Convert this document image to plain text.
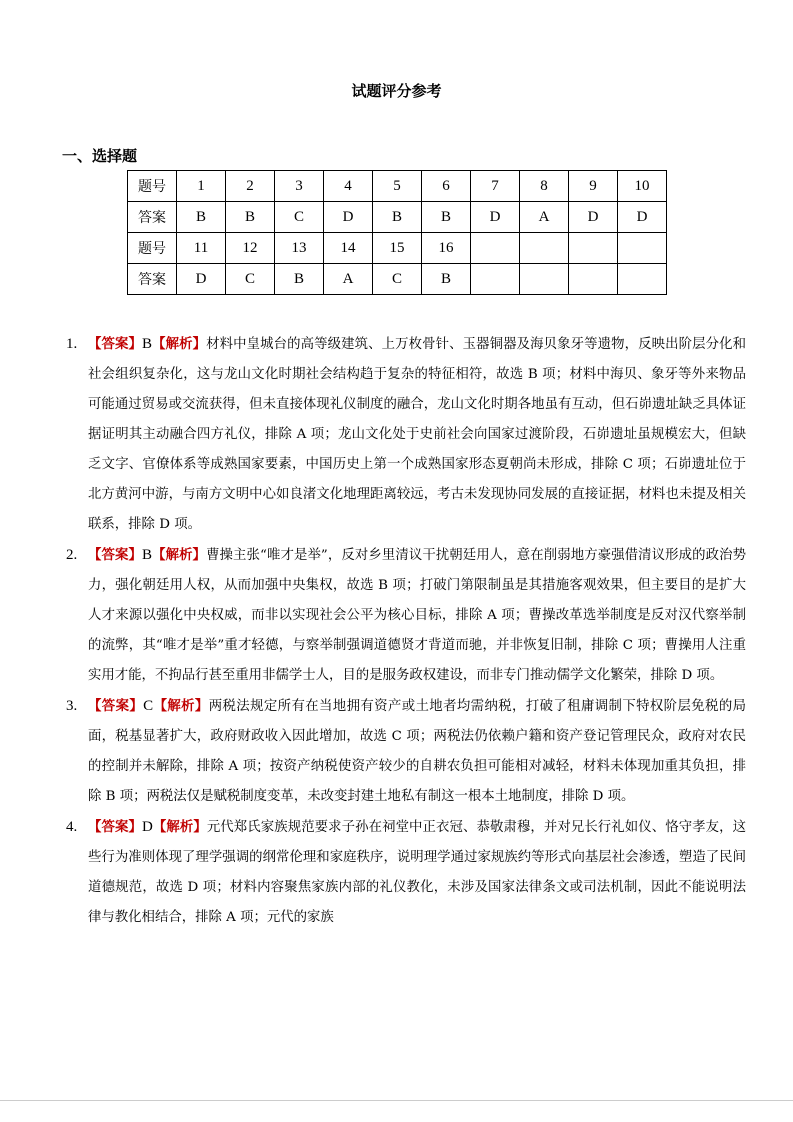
试题评分参考
一、选择题
题号	1	2	3	4	5	6	7	8	9	10
答案	B	B	C	D	B	B	D	A	D	D
题号	11	12	13	14	15	16				
答案	D	C	B	A	C	B				
1. 【答案】B【解析】材料中皇城台的高等级建筑、上万枚骨针、玉器铜器及海贝象牙等遗物，反映出阶层分化和社会组织复杂化，这与龙山文化时期社会结构趋于复杂的特征相符，故选 B 项；材料中海贝、象牙等外来物品可能通过贸易或交流获得，但未直接体现礼仪制度的融合，龙山文化时期各地虽有互动，但石峁遗址缺乏具体证据证明其主动融合四方礼仪，排除 A 项；龙山文化处于史前社会向国家过渡阶段，石峁遗址虽规模宏大，但缺乏文字、官僚体系等成熟国家要素，中国历史上第一个成熟国家形态夏朝尚未形成，排除 C 项；石峁遗址位于北方黄河中游，与南方文明中心如良渚文化地理距离较远，考古未发现协同发展的直接证据，材料也未提及相关联系，排除 D 项。
2. 【答案】B【解析】曹操主张“唯才是举”，反对乡里清议干扰朝廷用人，意在削弱地方豪强借清议形成的政治势力，强化朝廷用人权，从而加强中央集权，故选 B 项；打破门第限制虽是其措施客观效果，但主要目的是扩大人才来源以强化中央权威，而非以实现社会公平为核心目标，排除 A 项；曹操改革选举制度是反对汉代察举制的流弊，其“唯才是举”重才轻德，与察举制强调道德贤才背道而驰，并非恢复旧制，排除 C 项；曹操用人注重实用才能，不拘品行甚至重用非儒学士人，目的是服务政权建设，而非专门推动儒学文化繁荣，排除 D 项。
3. 【答案】C【解析】两税法规定所有在当地拥有资产或土地者均需纳税，打破了租庸调制下特权阶层免税的局面，税基显著扩大，政府财政收入因此增加，故选 C 项；两税法仍依赖户籍和资产登记管理民众，政府对农民的控制并未解除，排除 A 项；按资产纳税使资产较少的自耕农负担可能相对减轻，材料未体现加重其负担，排除 B 项；两税法仅是赋税制度变革，未改变封建土地私有制这一根本土地制度，排除 D 项。
4. 【答案】D【解析】元代郑氏家族规范要求子孙在祠堂中正衣冠、恭敬肃穆，并对兄长行礼如仪、恪守孝友，这些行为准则体现了理学强调的纲常伦理和家庭秩序，说明理学通过家规族约等形式向基层社会渗透，塑造了民间道德规范，故选 D 项；材料内容聚焦家族内部的礼仪教化，未涉及国家法律条文或司法机制，因此不能说明法律与教化相结合，排除 A 项；元代的家族
